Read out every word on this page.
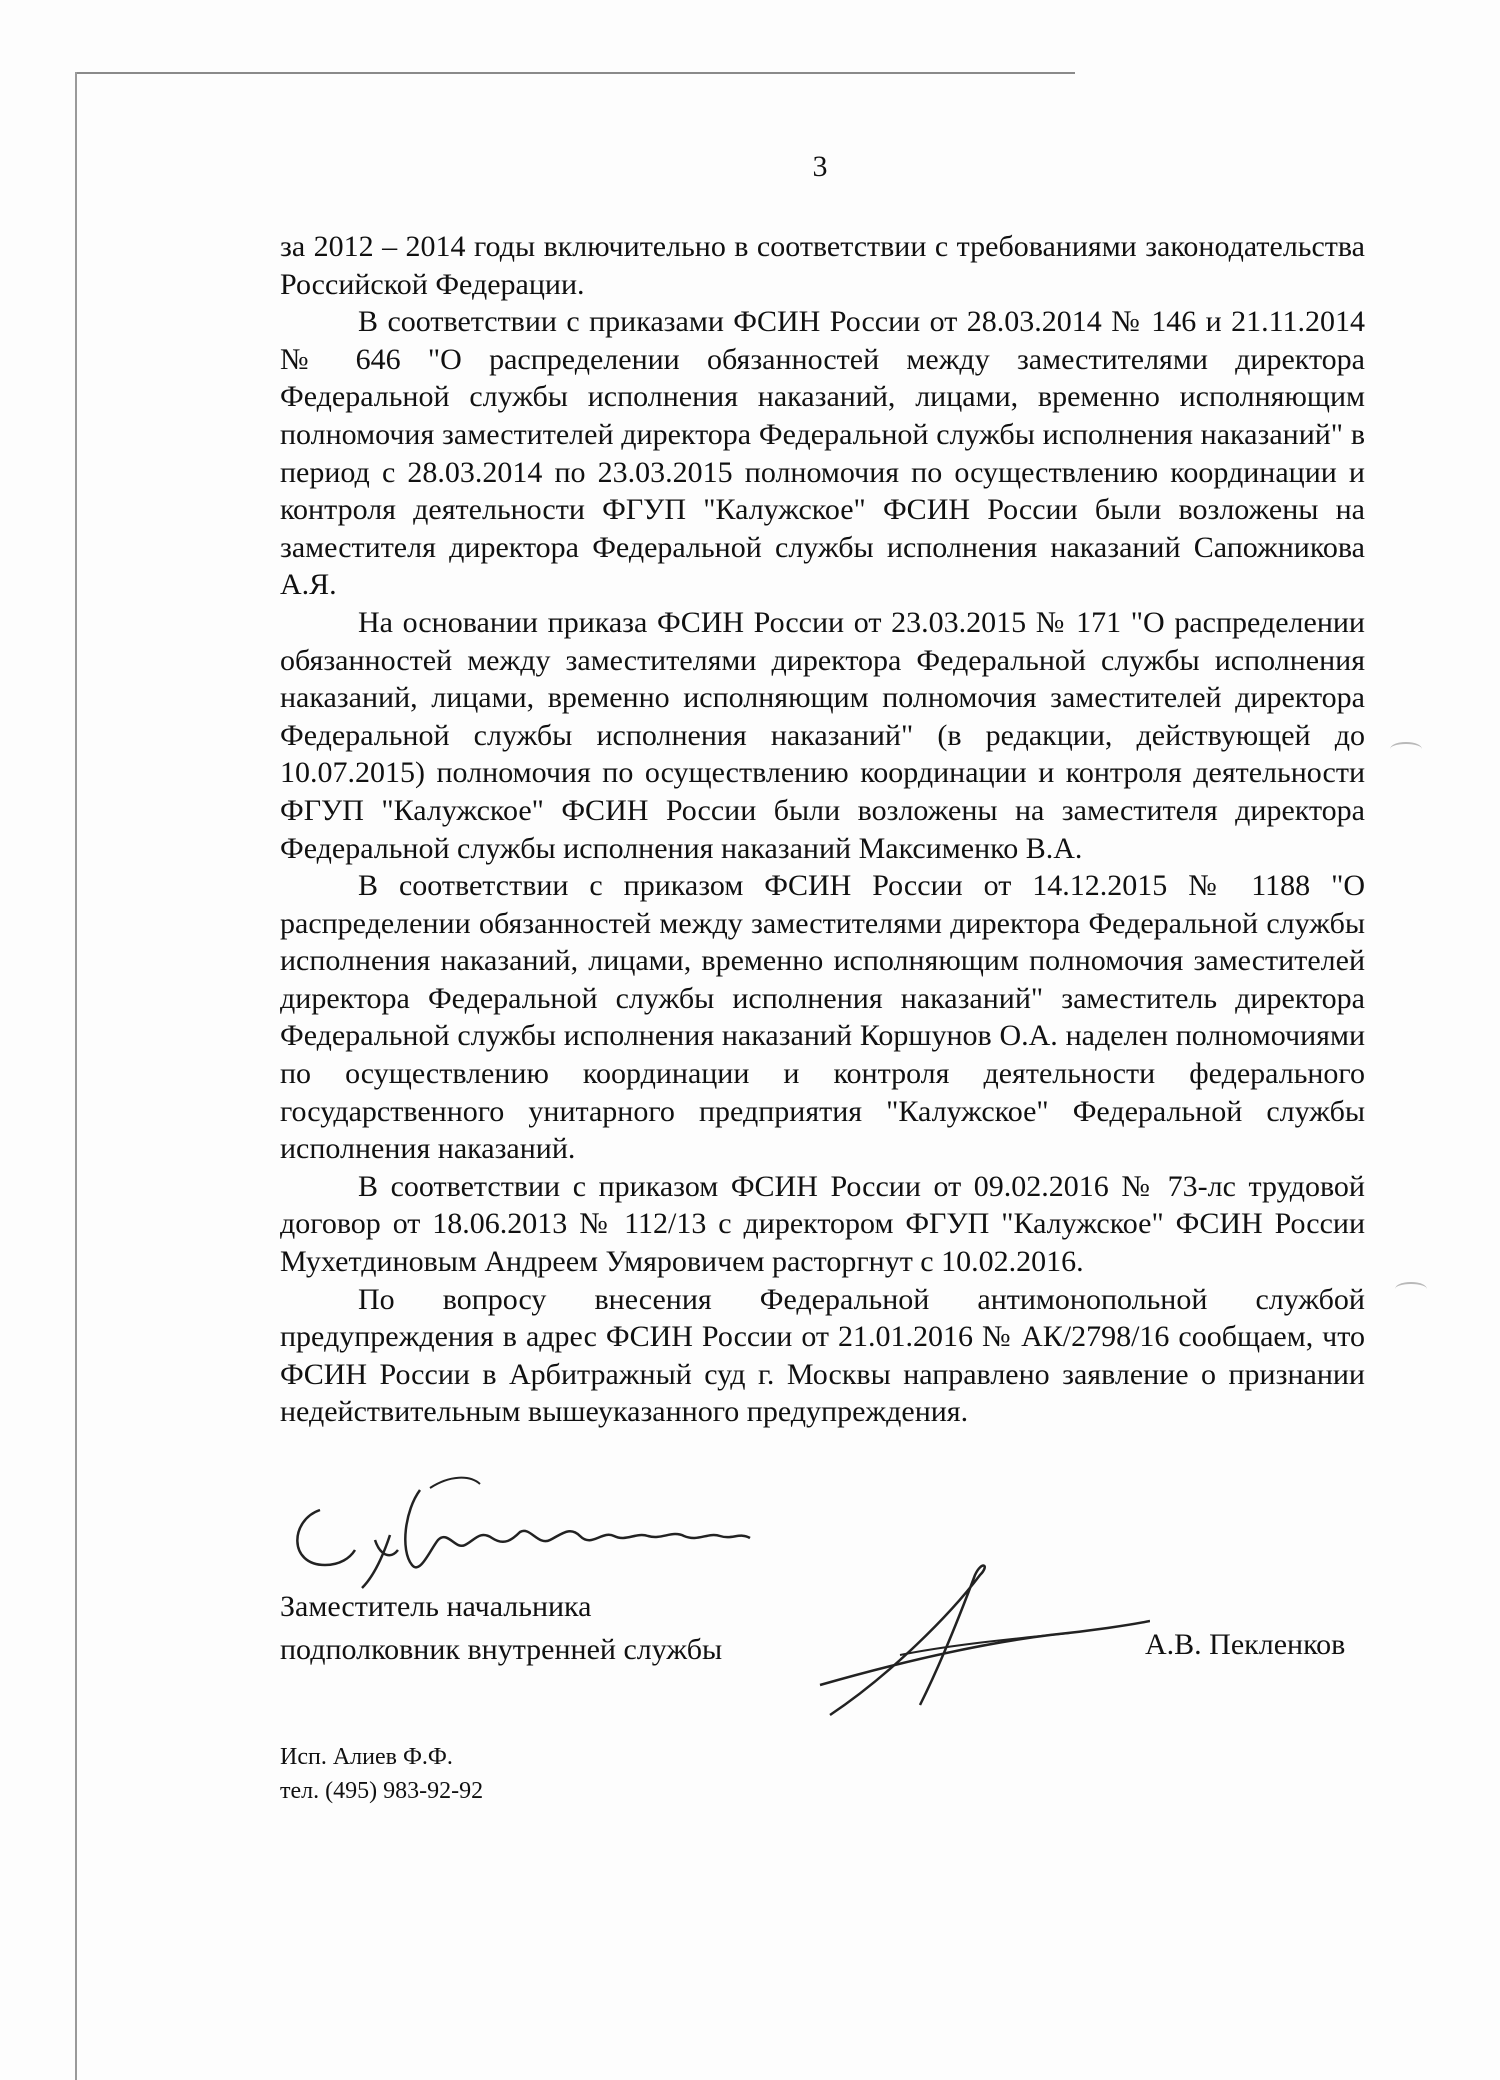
3

за 2012 – 2014 годы включительно в соответствии с требованиями законодательства Российской Федерации.

В соответствии с приказами ФСИН России от 28.03.2014 № 146 и 21.11.2014 № 646 "О распределении обязанностей между заместителями директора Федеральной службы исполнения наказаний, лицами, временно исполняющим полномочия заместителей директора Федеральной службы исполнения наказаний" в период с 28.03.2014 по 23.03.2015 полномочия по осуществлению координации и контроля деятельности ФГУП "Калужское" ФСИН России были возложены на заместителя директора Федеральной службы исполнения наказаний Сапожникова А.Я.

На основании приказа ФСИН России от 23.03.2015 № 171 "О распределении обязанностей между заместителями директора Федеральной службы исполнения наказаний, лицами, временно исполняющим полномочия заместителей директора Федеральной службы исполнения наказаний" (в редакции, действующей до 10.07.2015) полномочия по осуществлению координации и контроля деятельности ФГУП "Калужское" ФСИН России были возложены на заместителя директора Федеральной службы исполнения наказаний Максименко В.А.

В соответствии с приказом ФСИН России от 14.12.2015 № 1188 "О распределении обязанностей между заместителями директора Федеральной службы исполнения наказаний, лицами, временно исполняющим полномочия заместителей директора Федеральной службы исполнения наказаний" заместитель директора Федеральной службы исполнения наказаний Коршунов О.А. наделен полномочиями по осуществлению координации и контроля деятельности федерального государственного унитарного предприятия "Калужское" Федеральной службы исполнения наказаний.

В соответствии с приказом ФСИН России от 09.02.2016 № 73-лс трудовой договор от 18.06.2013 № 112/13 с директором ФГУП "Калужское" ФСИН России Мухетдиновым Андреем Умяровичем расторгнут с 10.02.2016.

По вопросу внесения Федеральной антимонопольной службой предупреждения в адрес ФСИН России от 21.01.2016 № АК/2798/16 сообщаем, что ФСИН России в Арбитражный суд г. Москвы направлено заявление о признании недействительным вышеуказанного предупреждения.

Заместитель начальника
подполковник внутренней службы	А.В. Пекленков
Исп. Алиев Ф.Ф.
тел. (495) 983-92-92
